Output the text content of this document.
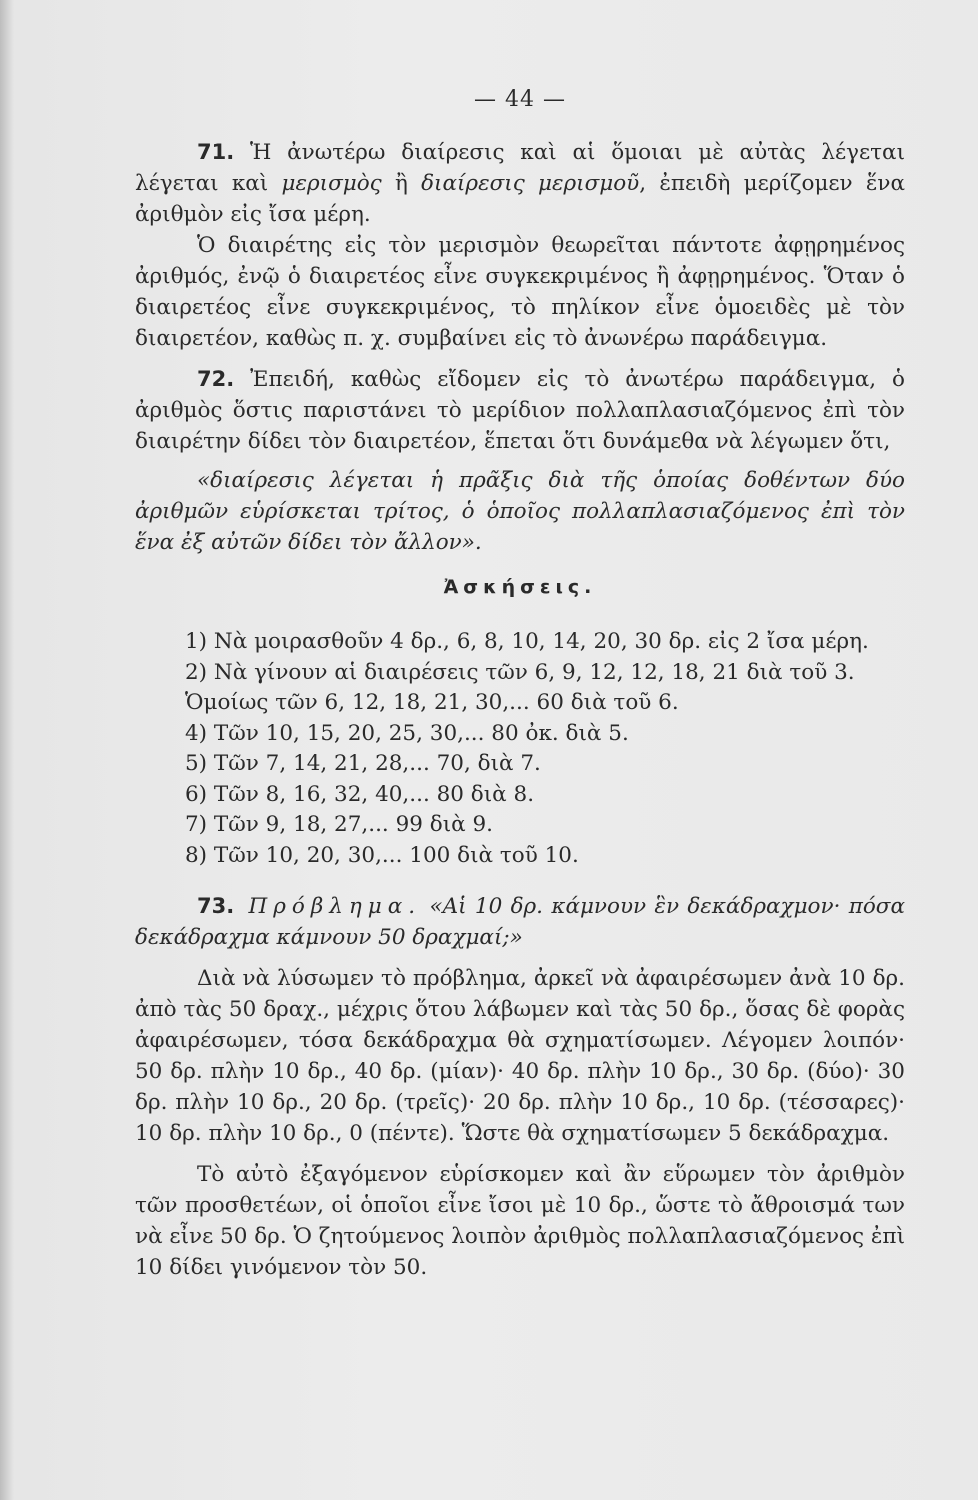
— 44 —

71. Ἡ ἀνωτέρω διαίρεσις καὶ αἱ ὅμοιαι μὲ αὐτὰς λέγεται λέγεται καὶ μερισμὸς ἢ διαίρεσις μερισμοῦ, ἐπειδὴ μερίζομεν ἕνα ἀριθμὸν εἰς ἴσα μέρη.

Ὁ διαιρέτης εἰς τὸν μερισμὸν θεωρεῖται πάντοτε ἀφῃρημένος ἀριθμός, ἐνῷ ὁ διαιρετέος εἶνε συγκεκριμένος ἢ ἀφῃρημένος. Ὅταν ὁ διαιρετέος εἶνε συγκεκριμένος, τὸ πηλίκον εἶνε ὁμοειδὲς μὲ τὸν διαιρετέον, καθὼς π. χ. συμβαίνει εἰς τὸ ἀνωνέρω παράδειγμα.

72. Ἐπειδή, καθὼς εἴδομεν εἰς τὸ ἀνωτέρω παράδειγμα, ὁ ἀριθμὸς ὅστις παριστάνει τὸ μερίδιον πολλαπλασιαζόμενος ἐπὶ τὸν διαιρέτην δίδει τὸν διαιρετέον, ἕπεται ὅτι δυνάμεθα νὰ λέγωμεν ὅτι,

«διαίρεσις λέγεται ἡ πρᾶξις διὰ τῆς ὁποίας δοθέντων δύο ἀριθμῶν εὑρίσκεται τρίτος, ὁ ὁποῖος πολλαπλασιαζόμενος ἐπὶ τὸν ἕνα ἐξ αὐτῶν δίδει τὸν ἄλλον».

Ἀσκήσεις.

1) Νὰ μοιρασθοῦν 4 δρ., 6, 8, 10, 14, 20, 30 δρ. εἰς 2 ἴσα μέρη.

2) Νὰ γίνουν αἱ διαιρέσεις τῶν 6, 9, 12, 12, 18, 21 διὰ τοῦ 3.

Ὁμοίως τῶν 6, 12, 18, 21, 30,... 60 διὰ τοῦ 6.

4) Τῶν 10, 15, 20, 25, 30,... 80 ὀκ. διὰ 5.

5) Τῶν 7, 14, 21, 28,... 70, διὰ 7.

6) Τῶν 8, 16, 32, 40,... 80 διὰ 8.

7) Τῶν 9, 18, 27,... 99 διὰ 9.

8) Τῶν 10, 20, 30,... 100 διὰ τοῦ 10.

73. Πρόβλημα. «Αἱ 10 δρ. κάμνουν ἓν δεκάδραχμον· πόσα δεκάδραχμα κάμνουν 50 δραχμαί;»

Διὰ νὰ λύσωμεν τὸ πρόβλημα, ἀρκεῖ νὰ ἀφαιρέσωμεν ἀνὰ 10 δρ. ἀπὸ τὰς 50 δραχ., μέχρις ὅτου λάβωμεν καὶ τὰς 50 δρ., ὅσας δὲ φορὰς ἀφαιρέσωμεν, τόσα δεκάδραχμα θὰ σχηματίσωμεν. Λέγομεν λοιπόν· 50 δρ. πλὴν 10 δρ., 40 δρ. (μίαν)· 40 δρ. πλὴν 10 δρ., 30 δρ. (δύο)· 30 δρ. πλὴν 10 δρ., 20 δρ. (τρεῖς)· 20 δρ. πλὴν 10 δρ., 10 δρ. (τέσσαρες)· 10 δρ. πλὴν 10 δρ., 0 (πέντε). Ὥστε θὰ σχηματίσωμεν 5 δεκάδραχμα.

Τὸ αὐτὸ ἐξαγόμενον εὑρίσκομεν καὶ ἂν εὕρωμεν τὸν ἀριθμὸν τῶν προσθετέων, οἱ ὁποῖοι εἶνε ἴσοι μὲ 10 δρ., ὥστε τὸ ἄθροισμά των νὰ εἶνε 50 δρ. Ὁ ζητούμενος λοιπὸν ἀριθμὸς πολλαπλασιαζόμενος ἐπὶ 10 δίδει γινόμενον τὸν 50.
